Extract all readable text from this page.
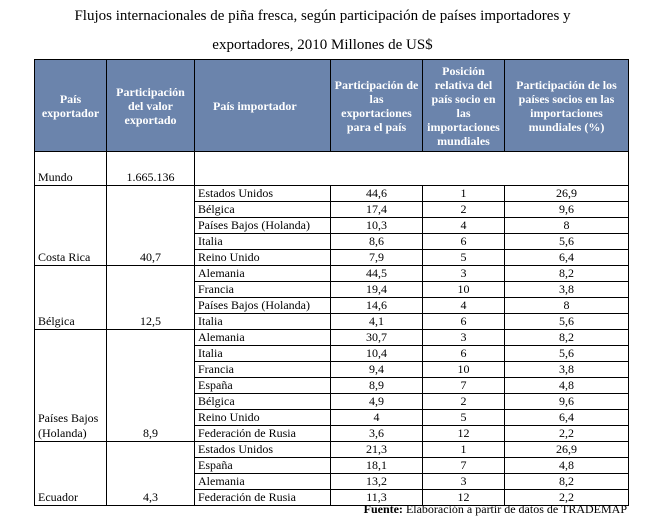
Flujos internacionales de piña fresca, según participación de países importadores y
exportadores, 2010 Millones de US$
País exportador	Participación del valor exportado	País importador	Participación de las exportaciones para el país	Posición relativa del país socio en las importaciones mundiales	Participación de los países socios en las importaciones mundiales (%)
Mundo	1.665.136				
Costa Rica	40,7	Estados Unidos	44,6	1	26,9
		Bélgica	17,4	2	9,6
		Países Bajos (Holanda)	10,3	4	8
		Italia	8,6	6	5,6
		Reino Unido	7,9	5	6,4
Bélgica	12,5	Alemania	44,5	3	8,2
		Francia	19,4	10	3,8
		Países Bajos (Holanda)	14,6	4	8
		Italia	4,1	6	5,6
Países Bajos (Holanda)	8,9	Alemania	30,7	3	8,2
		Italia	10,4	6	5,6
		Francia	9,4	10	3,8
		España	8,9	7	4,8
		Bélgica	4,9	2	9,6
		Reino Unido	4	5	6,4
		Federación de Rusia	3,6	12	2,2
Ecuador	4,3	Estados Unidos	21,3	1	26,9
		España	18,1	7	4,8
		Alemania	13,2	3	8,2
		Federación de Rusia	11,3	12	2,2
Fuente: Elaboración a partir de datos de TRADEMAP
